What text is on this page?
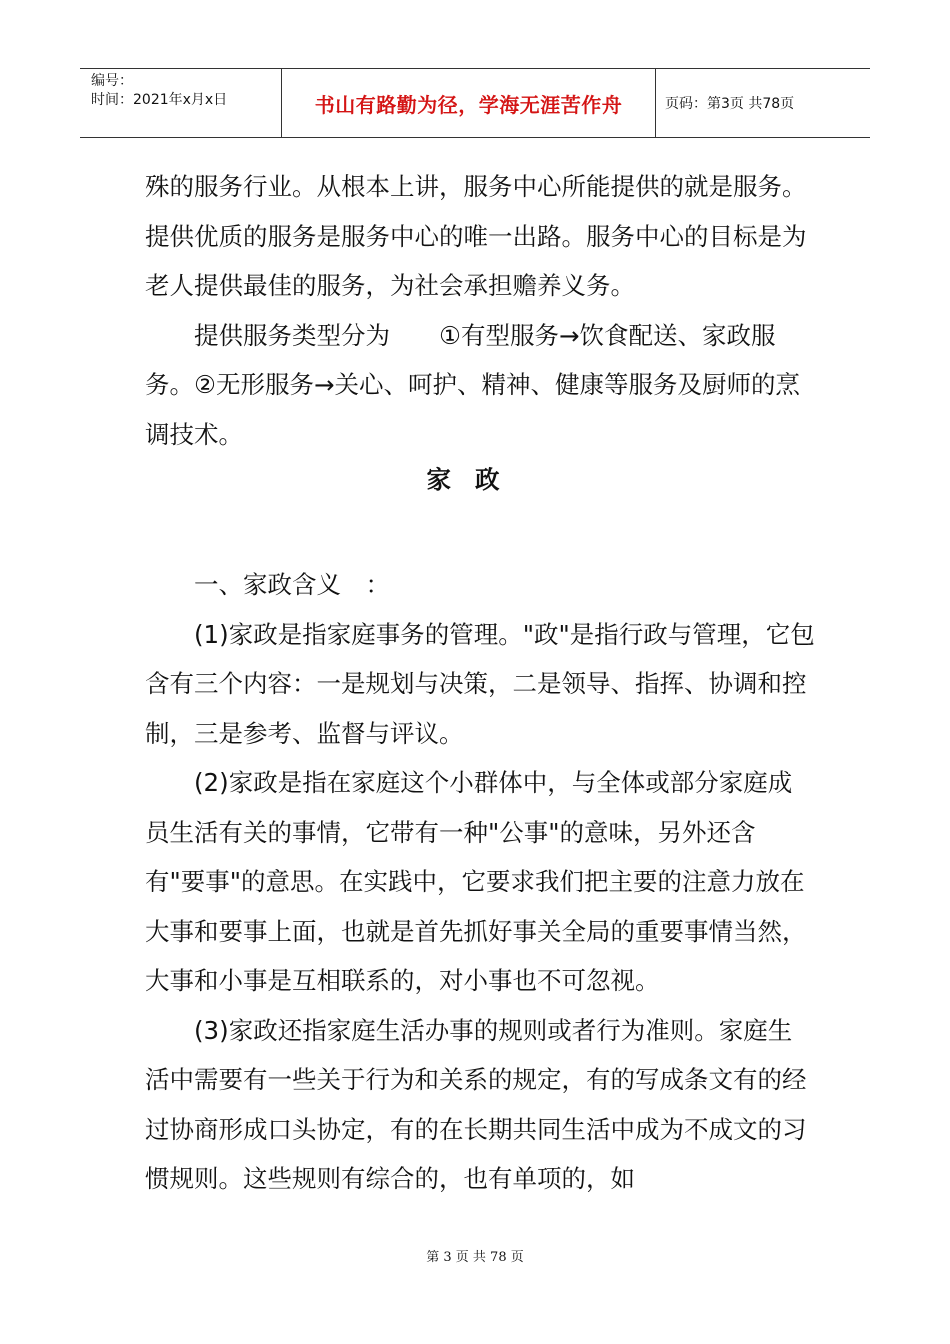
编号：
时间：2021年x月x日	书山有路勤为径，学海无涯苦作舟	页码：第3页 共78页

殊的服务行业。从根本上讲，服务中心所能提供的就是服务。提供优质的服务是服务中心的唯一出路。服务中心的目标是为老人提供最佳的服务，为社会承担赡养义务。

提供服务类型分为　　①有型服务→饮食配送、家政服务。②无形服务→关心、呵护、精神、健康等服务及厨师的烹调技术。

家政

一、家政含义　：

(1)家政是指家庭事务的管理。"政"是指行政与管理，它包含有三个内容：一是规划与决策，二是领导、指挥、协调和控制，三是参考、监督与评议。

(2)家政是指在家庭这个小群体中，与全体或部分家庭成员生活有关的事情，它带有一种"公事"的意味，另外还含有"要事"的意思。在实践中，它要求我们把主要的注意力放在大事和要事上面，也就是首先抓好事关全局的重要事情当然，大事和小事是互相联系的，对小事也不可忽视。

(3)家政还指家庭生活办事的规则或者行为准则。家庭生活中需要有一些关于行为和关系的规定，有的写成条文有的经过协商形成口头协定，有的在长期共同生活中成为不成文的习惯规则。这些规则有综合的，也有单项的，如

第 3 页 共 78 页
